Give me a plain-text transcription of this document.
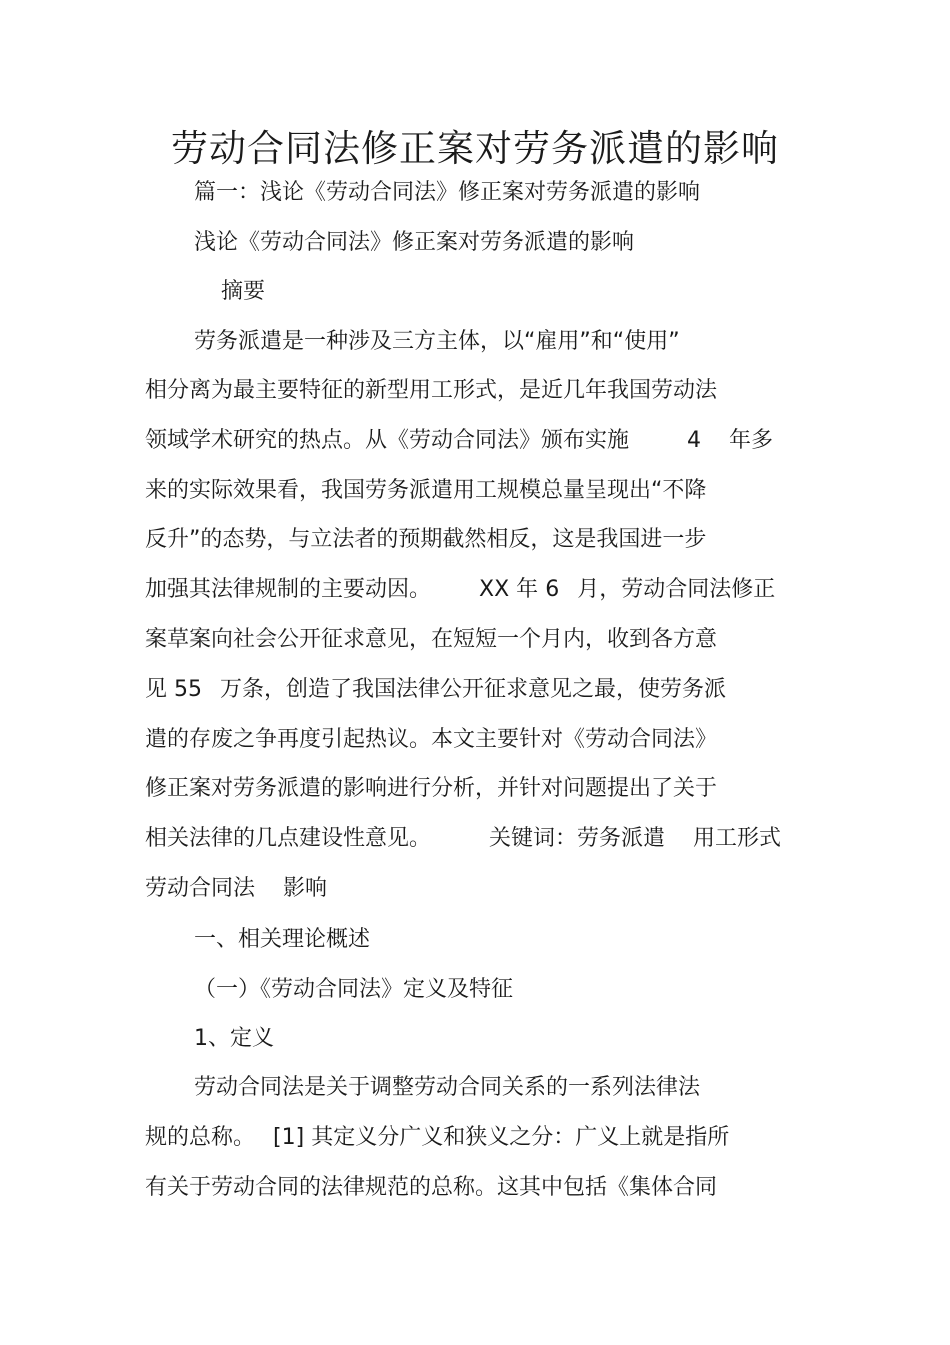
劳动合同法修正案对劳务派遣的影响
篇一：浅论《劳动合同法》修正案对劳务派遣的影响
浅论《劳动合同法》修正案对劳务派遣的影响
摘要
劳务派遣是一种涉及三方主体，以“雇用”和“使用”
相分离为最主要特征的新型用工形式，是近几年我国劳动法
领域学术研究的热点。从《劳动合同法》颁布实施	4 年多
来的实际效果看，我国劳务派遣用工规模总量呈现出“不降
反升”的态势，与立法者的预期截然相反，这是我国进一步
加强其法律规制的主要动因。 XX 年 6 月，劳动合同法修正
案草案向社会公开征求意见，在短短一个月内，收到各方意
见 55 万条，创造了我国法律公开征求意见之最，使劳务派
遣的存废之争再度引起热议。本文主要针对《劳动合同法》
修正案对劳务派遣的影响进行分析，并针对问题提出了关于
相关法律的几点建设性意见。	关键词：劳务派遣 用工形式
劳动合同法 影响
一、相关理论概述
（一）《劳动合同法》定义及特征
1、定义
劳动合同法是关于调整劳动合同关系的一系列法律法
规的总称。 [1] 其定义分广义和狭义之分：广义上就是指所
有关于劳动合同的法律规范的总称。这其中包括《集体合同
